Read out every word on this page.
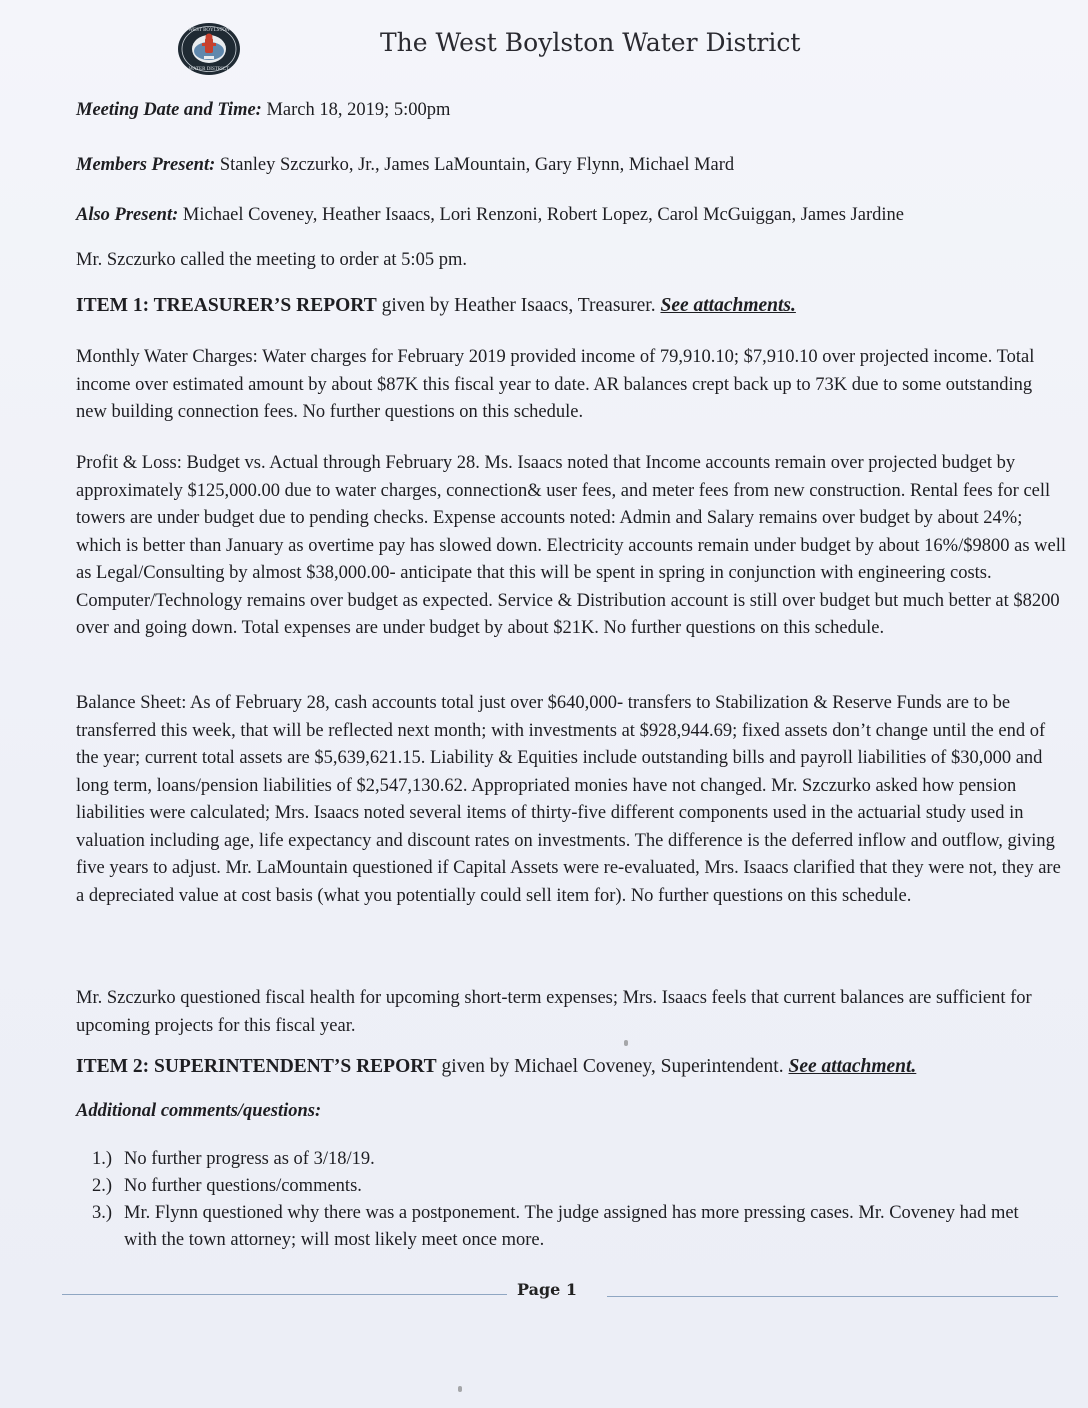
WEST BOYLSTON
WATER DISTRICT
The West Boylston Water District
Meeting Date and Time: March 18, 2019; 5:00pm
Members Present: Stanley Szczurko, Jr., James LaMountain, Gary Flynn, Michael Mard
Also Present: Michael Coveney, Heather Isaacs, Lori Renzoni, Robert Lopez, Carol McGuiggan, James Jardine
Mr. Szczurko called the meeting to order at 5:05 pm.
ITEM 1: TREASURER’S REPORT given by Heather Isaacs, Treasurer. See attachments.
Monthly Water Charges: Water charges for February 2019 provided income of 79,910.10; $7,910.10 over projected income. Total income over estimated amount by about $87K this fiscal year to date. AR balances crept back up to 73K due to some outstanding new building connection fees. No further questions on this schedule.
Profit & Loss: Budget vs. Actual through February 28. Ms. Isaacs noted that Income accounts remain over projected budget by approximately $125,000.00 due to water charges, connection& user fees, and meter fees from new construction. Rental fees for cell towers are under budget due to pending checks. Expense accounts noted: Admin and Salary remains over budget by about 24%; which is better than January as overtime pay has slowed down. Electricity accounts remain under budget by about 16%/$9800 as well as Legal/Consulting by almost $38,000.00- anticipate that this will be spent in spring in conjunction with engineering costs. Computer/Technology remains over budget as expected. Service & Distribution account is still over budget but much better at $8200 over and going down. Total expenses are under budget by about $21K. No further questions on this schedule.
Balance Sheet: As of February 28, cash accounts total just over $640,000- transfers to Stabilization & Reserve Funds are to be transferred this week, that will be reflected next month; with investments at $928,944.69; fixed assets don’t change until the end of the year; current total assets are $5,639,621.15. Liability & Equities include outstanding bills and payroll liabilities of $30,000 and long term, loans/pension liabilities of $2,547,130.62. Appropriated monies have not changed. Mr. Szczurko asked how pension liabilities were calculated; Mrs. Isaacs noted several items of thirty-five different components used in the actuarial study used in valuation including age, life expectancy and discount rates on investments. The difference is the deferred inflow and outflow, giving five years to adjust. Mr. LaMountain questioned if Capital Assets were re-evaluated, Mrs. Isaacs clarified that they were not, they are a depreciated value at cost basis (what you potentially could sell item for). No further questions on this schedule.
Mr. Szczurko questioned fiscal health for upcoming short-term expenses; Mrs. Isaacs feels that current balances are sufficient for upcoming projects for this fiscal year.
ITEM 2: SUPERINTENDENT’S REPORT given by Michael Coveney, Superintendent. See attachment.
Additional comments/questions:
1.) No further progress as of 3/18/19.
2.) No further questions/comments.
3.) Mr. Flynn questioned why there was a postponement. The judge assigned has more pressing cases. Mr. Coveney had met with the town attorney; will most likely meet once more.
Page 1
